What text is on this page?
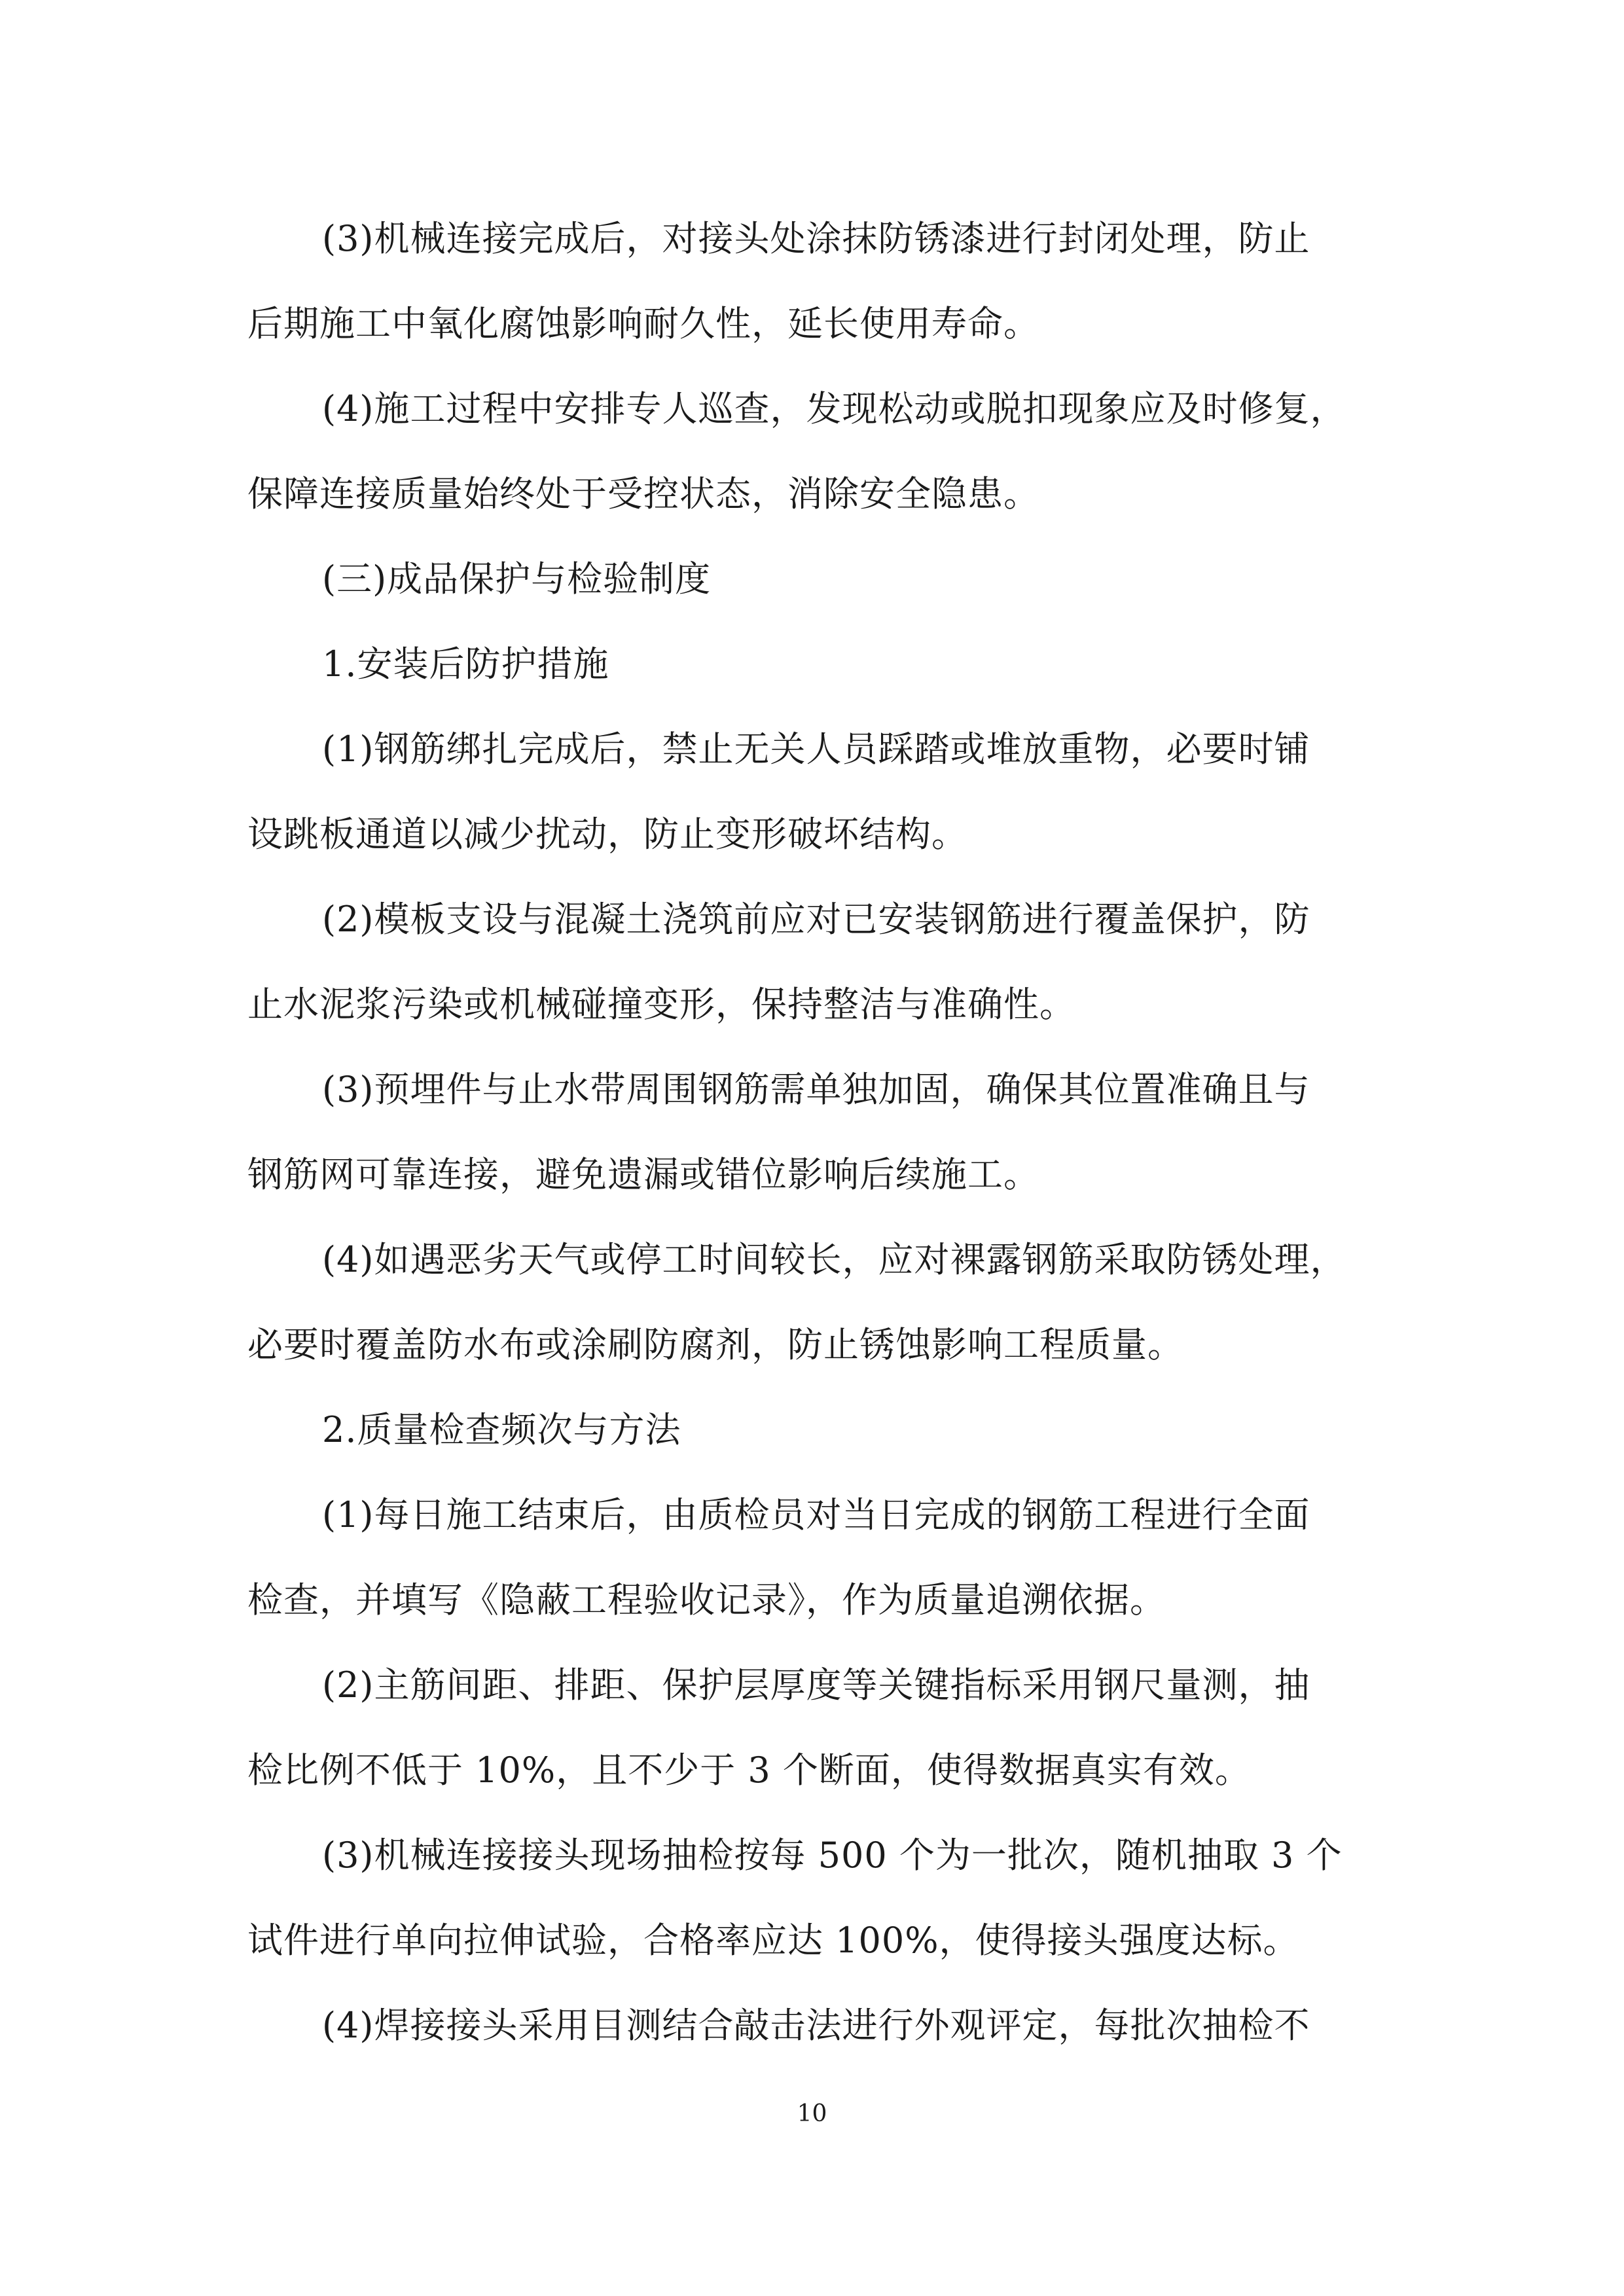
(3)机械连接完成后，对接头处涂抹防锈漆进行封闭处理，防止
后期施工中氧化腐蚀影响耐久性，延长使用寿命。
(4)施工过程中安排专人巡查，发现松动或脱扣现象应及时修复，
保障连接质量始终处于受控状态，消除安全隐患。
(三)成品保护与检验制度
1.安装后防护措施
(1)钢筋绑扎完成后，禁止无关人员踩踏或堆放重物，必要时铺
设跳板通道以减少扰动，防止变形破坏结构。
(2)模板支设与混凝土浇筑前应对已安装钢筋进行覆盖保护，防
止水泥浆污染或机械碰撞变形，保持整洁与准确性。
(3)预埋件与止水带周围钢筋需单独加固，确保其位置准确且与
钢筋网可靠连接，避免遗漏或错位影响后续施工。
(4)如遇恶劣天气或停工时间较长，应对裸露钢筋采取防锈处理，
必要时覆盖防水布或涂刷防腐剂，防止锈蚀影响工程质量。
2.质量检查频次与方法
(1)每日施工结束后，由质检员对当日完成的钢筋工程进行全面
检查，并填写《隐蔽工程验收记录》，作为质量追溯依据。
(2)主筋间距、排距、保护层厚度等关键指标采用钢尺量测，抽
检比例不低于 10%，且不少于 3 个断面，使得数据真实有效。
(3)机械连接接头现场抽检按每 500 个为一批次，随机抽取 3 个
试件进行单向拉伸试验，合格率应达 100%，使得接头强度达标。
(4)焊接接头采用目测结合敲击法进行外观评定，每批次抽检不
10
